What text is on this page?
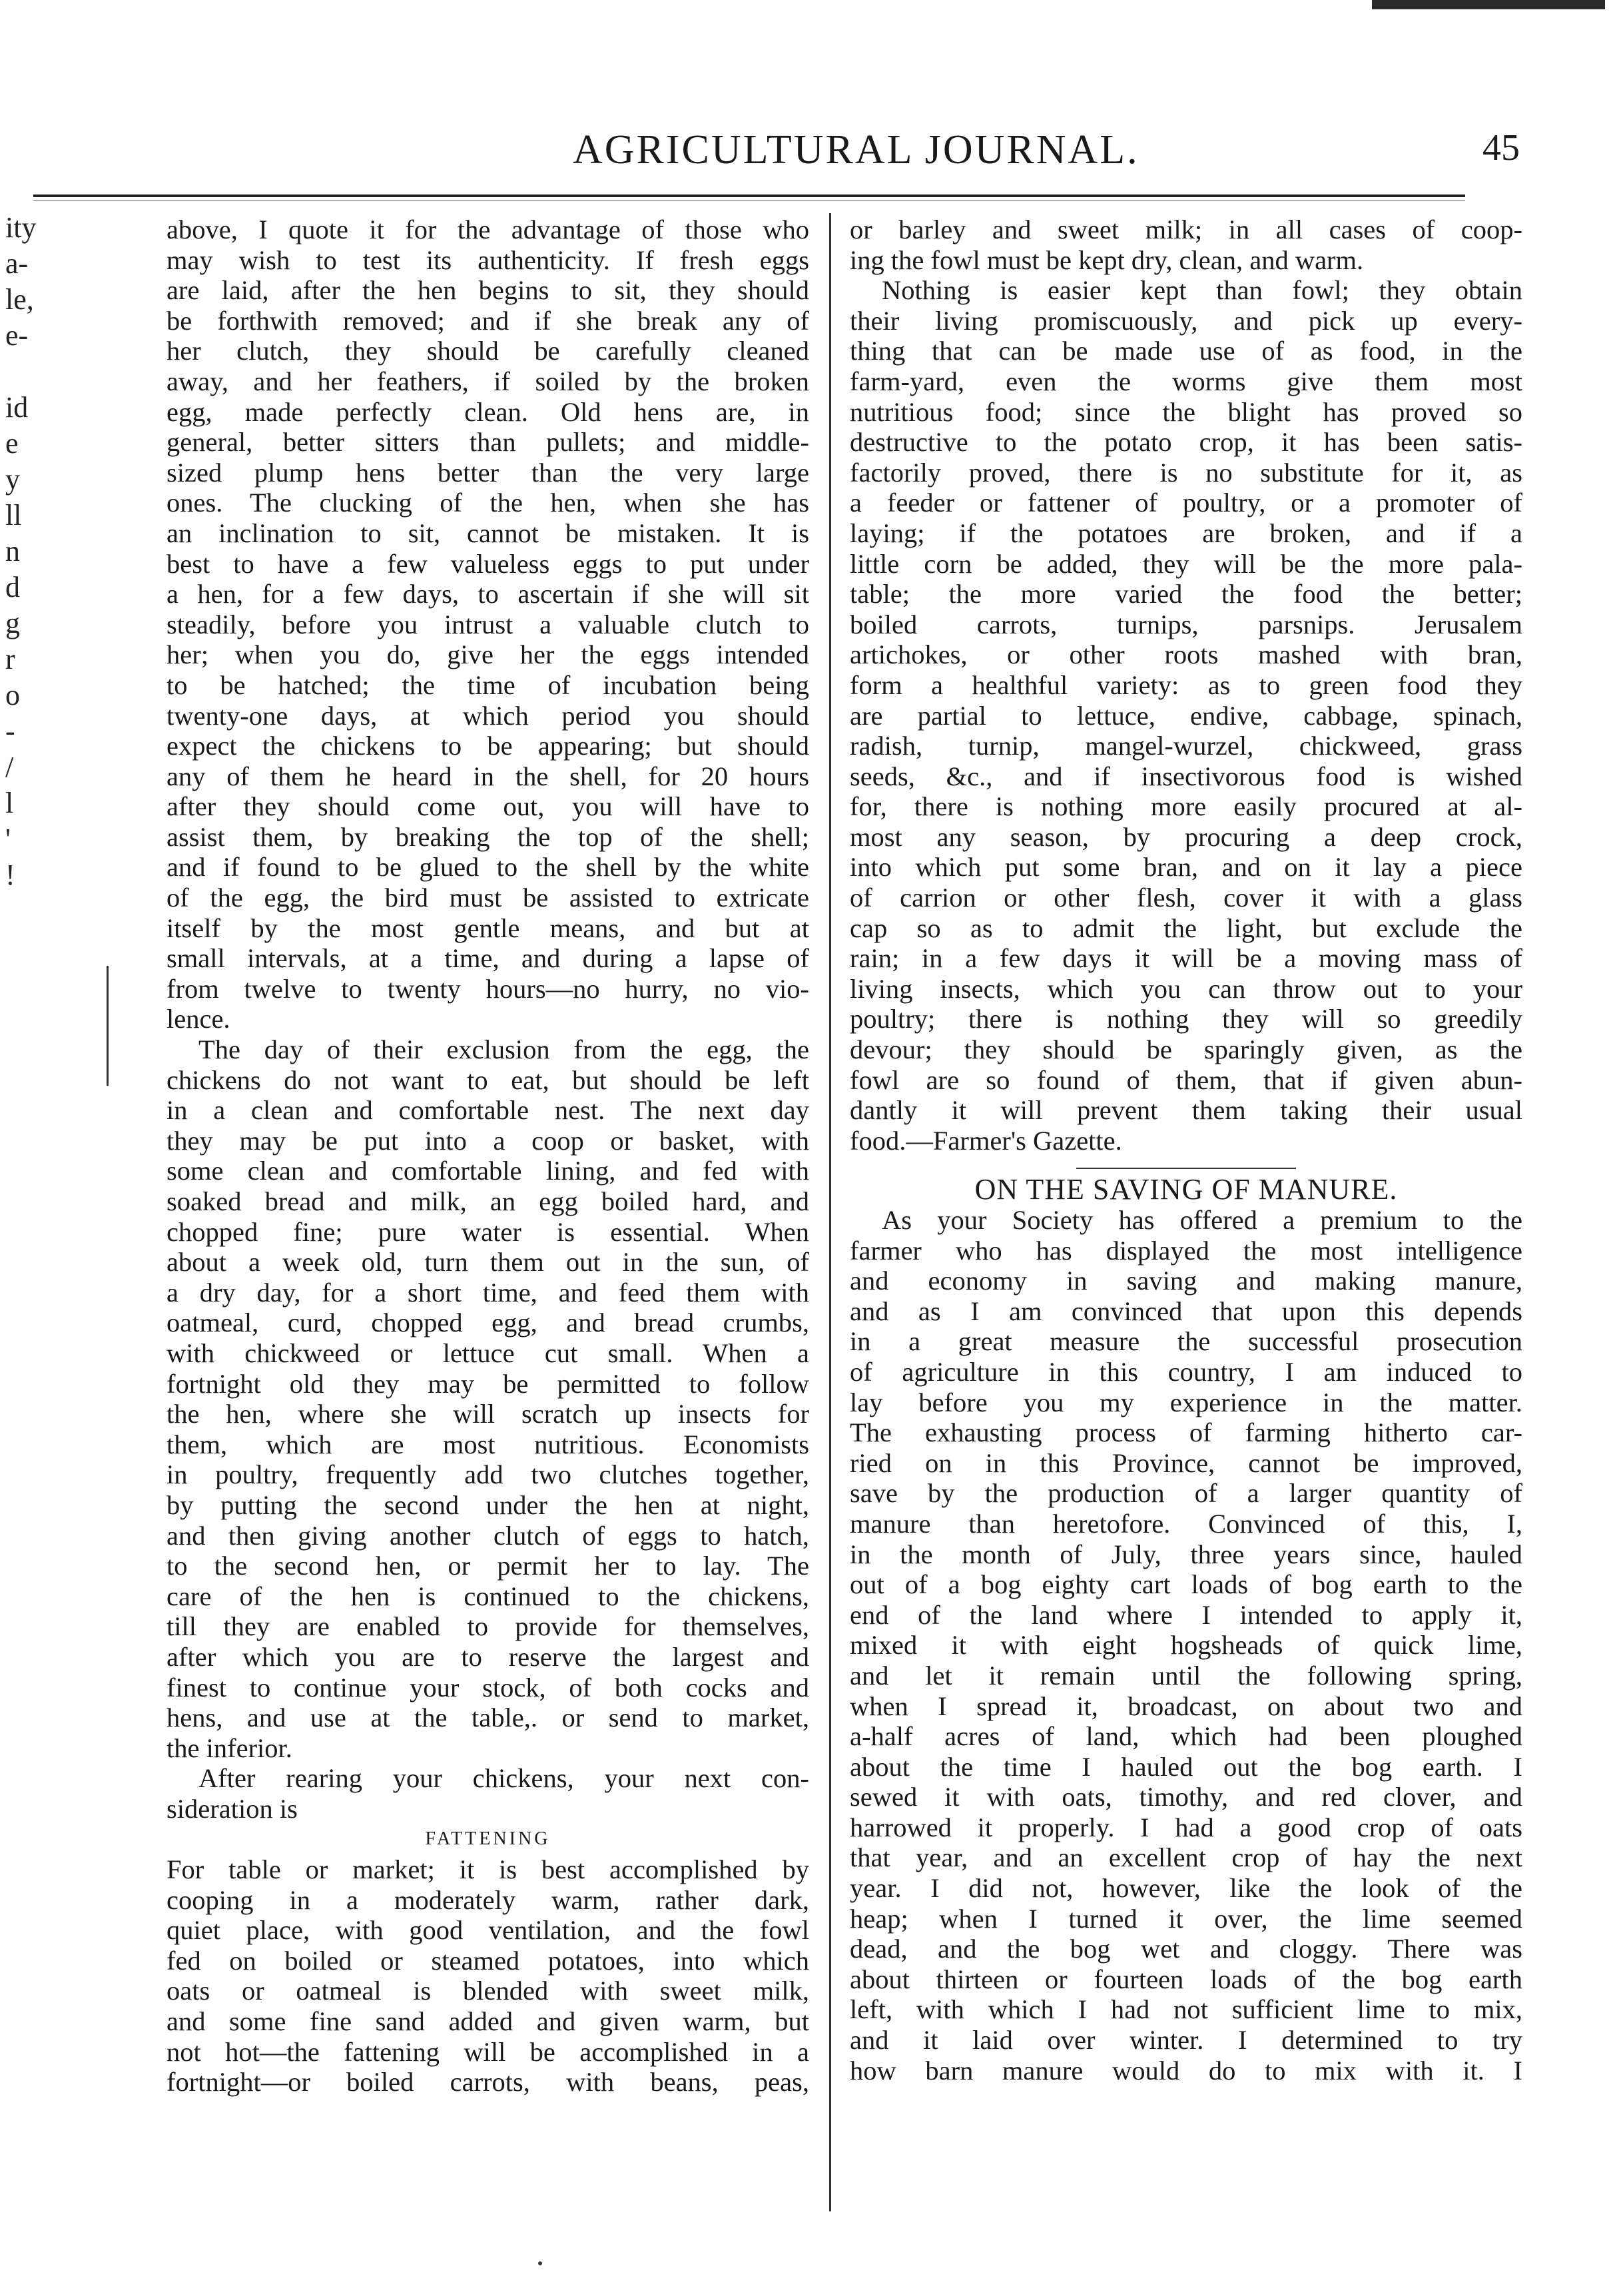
AGRICULTURAL JOURNAL.	45
ity
a-
le,
e-
id
e
y
ll
n
d
g
r
o
-
/
l
'
!
above, I quote it for the advantage of those who
may wish to test its authenticity. If fresh eggs
are laid, after the hen begins to sit, they should
be forthwith removed; and if she break any of
her clutch, they should be carefully cleaned
away, and her feathers, if soiled by the broken
egg, made perfectly clean. Old hens are, in
general, better sitters than pullets; and middle-
sized plump hens better than the very large
ones. The clucking of the hen, when she has
an inclination to sit, cannot be mistaken. It is
best to have a few valueless eggs to put under
a hen, for a few days, to ascertain if she will sit
steadily, before you intrust a valuable clutch to
her; when you do, give her the eggs intended
to be hatched; the time of incubation being
twenty-one days, at which period you should
expect the chickens to be appearing; but should
any of them he heard in the shell, for 20 hours
after they should come out, you will have to
assist them, by breaking the top of the shell;
and if found to be glued to the shell by the white
of the egg, the bird must be assisted to extricate
itself by the most gentle means, and but at
small intervals, at a time, and during a lapse of
from twelve to twenty hours—no hurry, no vio-
lence.
The day of their exclusion from the egg, the
chickens do not want to eat, but should be left
in a clean and comfortable nest. The next day
they may be put into a coop or basket, with
some clean and comfortable lining, and fed with
soaked bread and milk, an egg boiled hard, and
chopped fine; pure water is essential. When
about a week old, turn them out in the sun, of
a dry day, for a short time, and feed them with
oatmeal, curd, chopped egg, and bread crumbs,
with chickweed or lettuce cut small. When a
fortnight old they may be permitted to follow
the hen, where she will scratch up insects for
them, which are most nutritious. Economists
in poultry, frequently add two clutches together,
by putting the second under the hen at night,
and then giving another clutch of eggs to hatch,
to the second hen, or permit her to lay. The
care of the hen is continued to the chickens,
till they are enabled to provide for themselves,
after which you are to reserve the largest and
finest to continue your stock, of both cocks and
hens, and use at the table,. or send to market,
the inferior.
After rearing your chickens, your next con-
sideration is
FATTENING
For table or market; it is best accomplished by
cooping in a moderately warm, rather dark,
quiet place, with good ventilation, and the fowl
fed on boiled or steamed potatoes, into which
oats or oatmeal is blended with sweet milk,
and some fine sand added and given warm, but
not hot—the fattening will be accomplished in a
fortnight—or boiled carrots, with beans, peas,
or barley and sweet milk; in all cases of coop-
ing the fowl must be kept dry, clean, and warm.
Nothing is easier kept than fowl; they obtain
their living promiscuously, and pick up every-
thing that can be made use of as food, in the
farm-yard, even the worms give them most
nutritious food; since the blight has proved so
destructive to the potato crop, it has been satis-
factorily proved, there is no substitute for it, as
a feeder or fattener of poultry, or a promoter of
laying; if the potatoes are broken, and if a
little corn be added, they will be the more pala-
table; the more varied the food the better;
boiled carrots, turnips, parsnips. Jerusalem
artichokes, or other roots mashed with bran,
form a healthful variety: as to green food they
are partial to lettuce, endive, cabbage, spinach,
radish, turnip, mangel-wurzel, chickweed, grass
seeds, &c., and if insectivorous food is wished
for, there is nothing more easily procured at al-
most any season, by procuring a deep crock,
into which put some bran, and on it lay a piece
of carrion or other flesh, cover it with a glass
cap so as to admit the light, but exclude the
rain; in a few days it will be a moving mass of
living insects, which you can throw out to your
poultry; there is nothing they will so greedily
devour; they should be sparingly given, as the
fowl are so found of them, that if given abun-
dantly it will prevent them taking their usual
food.—Farmer's Gazette.
ON THE SAVING OF MANURE.
As your Society has offered a premium to the
farmer who has displayed the most intelligence
and economy in saving and making manure,
and as I am convinced that upon this depends
in a great measure the successful prosecution
of agriculture in this country, I am induced to
lay before you my experience in the matter.
The exhausting process of farming hitherto car-
ried on in this Province, cannot be improved,
save by the production of a larger quantity of
manure than heretofore. Convinced of this, I,
in the month of July, three years since, hauled
out of a bog eighty cart loads of bog earth to the
end of the land where I intended to apply it,
mixed it with eight hogsheads of quick lime,
and let it remain until the following spring,
when I spread it, broadcast, on about two and
a-half acres of land, which had been ploughed
about the time I hauled out the bog earth. I
sewed it with oats, timothy, and red clover, and
harrowed it properly. I had a good crop of oats
that year, and an excellent crop of hay the next
year. I did not, however, like the look of the
heap; when I turned it over, the lime seemed
dead, and the bog wet and cloggy. There was
about thirteen or fourteen loads of the bog earth
left, with which I had not sufficient lime to mix,
and it laid over winter. I determined to try
how barn manure would do to mix with it. I
